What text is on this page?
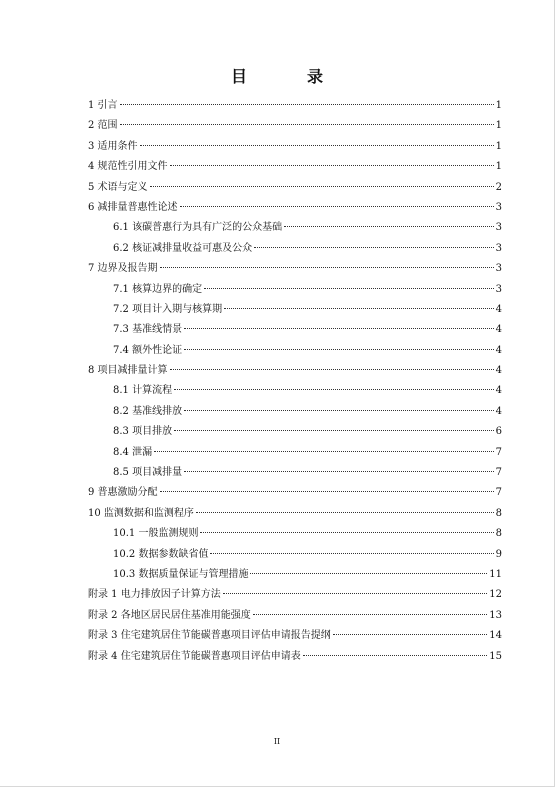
目　录
1 引言	1
2 范围	1
3 适用条件	1
4 规范性引用文件	1
5 术语与定义	2
6 减排量普惠性论述	3
6.1 该碳普惠行为具有广泛的公众基础	3
6.2 核证减排量收益可惠及公众	3
7 边界及报告期	3
7.1 核算边界的确定	3
7.2 项目计入期与核算期	4
7.3 基准线情景	4
7.4 额外性论证	4
8 项目减排量计算	4
8.1 计算流程	4
8.2 基准线排放	4
8.3 项目排放	6
8.4 泄漏	7
8.5 项目减排量	7
9 普惠激励分配	7
10 监测数据和监测程序	8
10.1 一般监测规则	8
10.2 数据参数缺省值	9
10.3 数据质量保证与管理措施	11
附录 1 电力排放因子计算方法	12
附录 2 各地区居民居住基准用能强度	13
附录 3 住宅建筑居住节能碳普惠项目评估申请报告提纲	14
附录 4 住宅建筑居住节能碳普惠项目评估申请表	15
II
